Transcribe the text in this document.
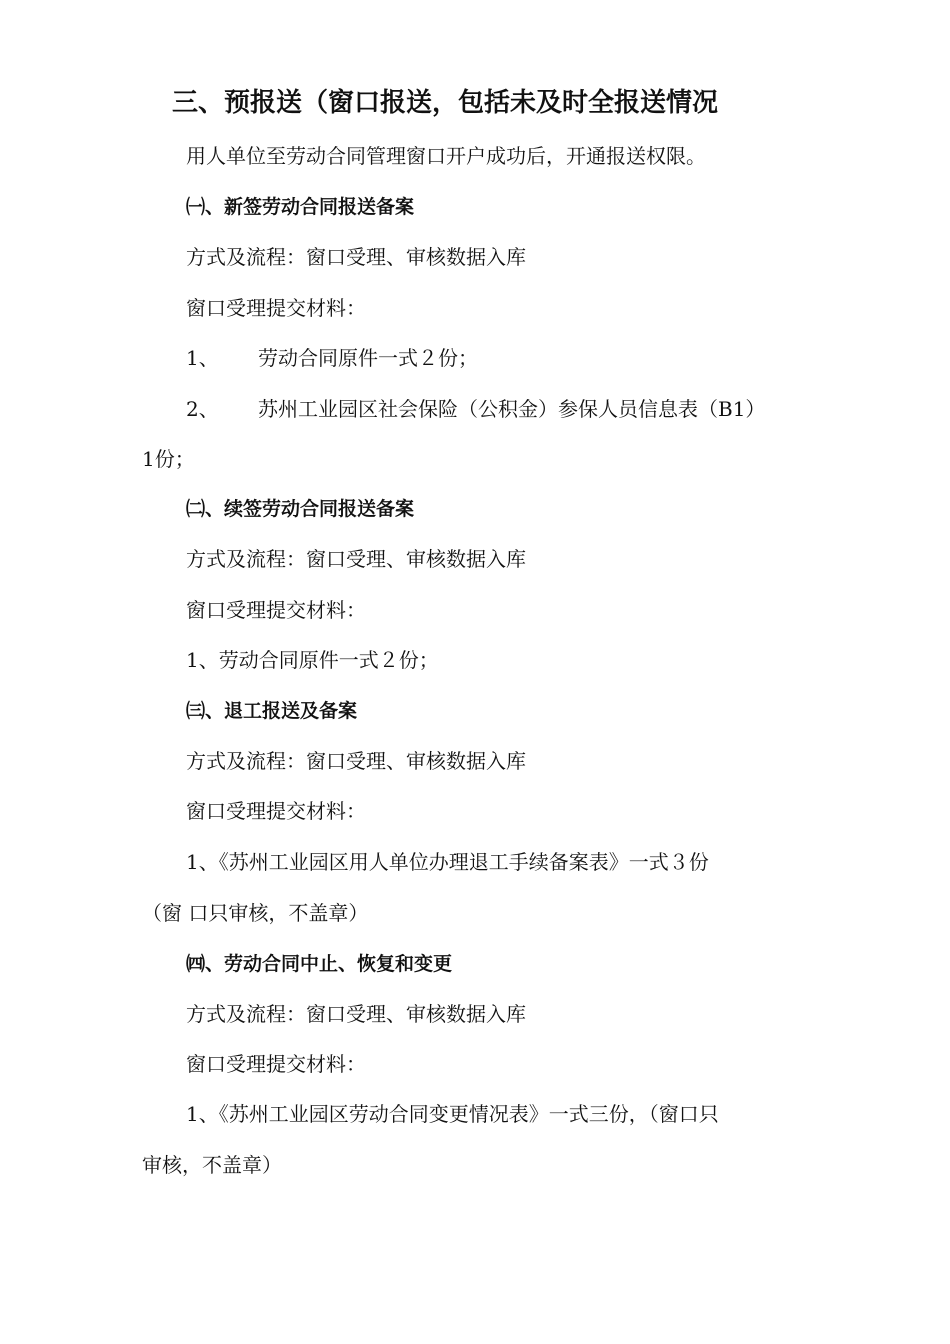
三、预报送（窗口报送，包括未及时全报送情况
用人单位至劳动合同管理窗口开户成功后，开通报送权限。
㈠、新签劳动合同报送备案
方式及流程：窗口受理、审核数据入库
窗口受理提交材料：
1、 劳动合同原件一式２份；
2、 苏州工业园区社会保险（公积金）参保人员信息表（B1）
1份；
㈡、续签劳动合同报送备案
方式及流程：窗口受理、审核数据入库
窗口受理提交材料：
1、劳动合同原件一式２份；
㈢、退工报送及备案
方式及流程：窗口受理、审核数据入库
窗口受理提交材料：
1、《苏州工业园区用人单位办理退工手续备案表》一式３份
（窗 口只审核，不盖章）
㈣、劳动合同中止、恢复和变更
方式及流程：窗口受理、审核数据入库
窗口受理提交材料：
1、《苏州工业园区劳动合同变更情况表》一式三份，（窗口只
审核，不盖章）
